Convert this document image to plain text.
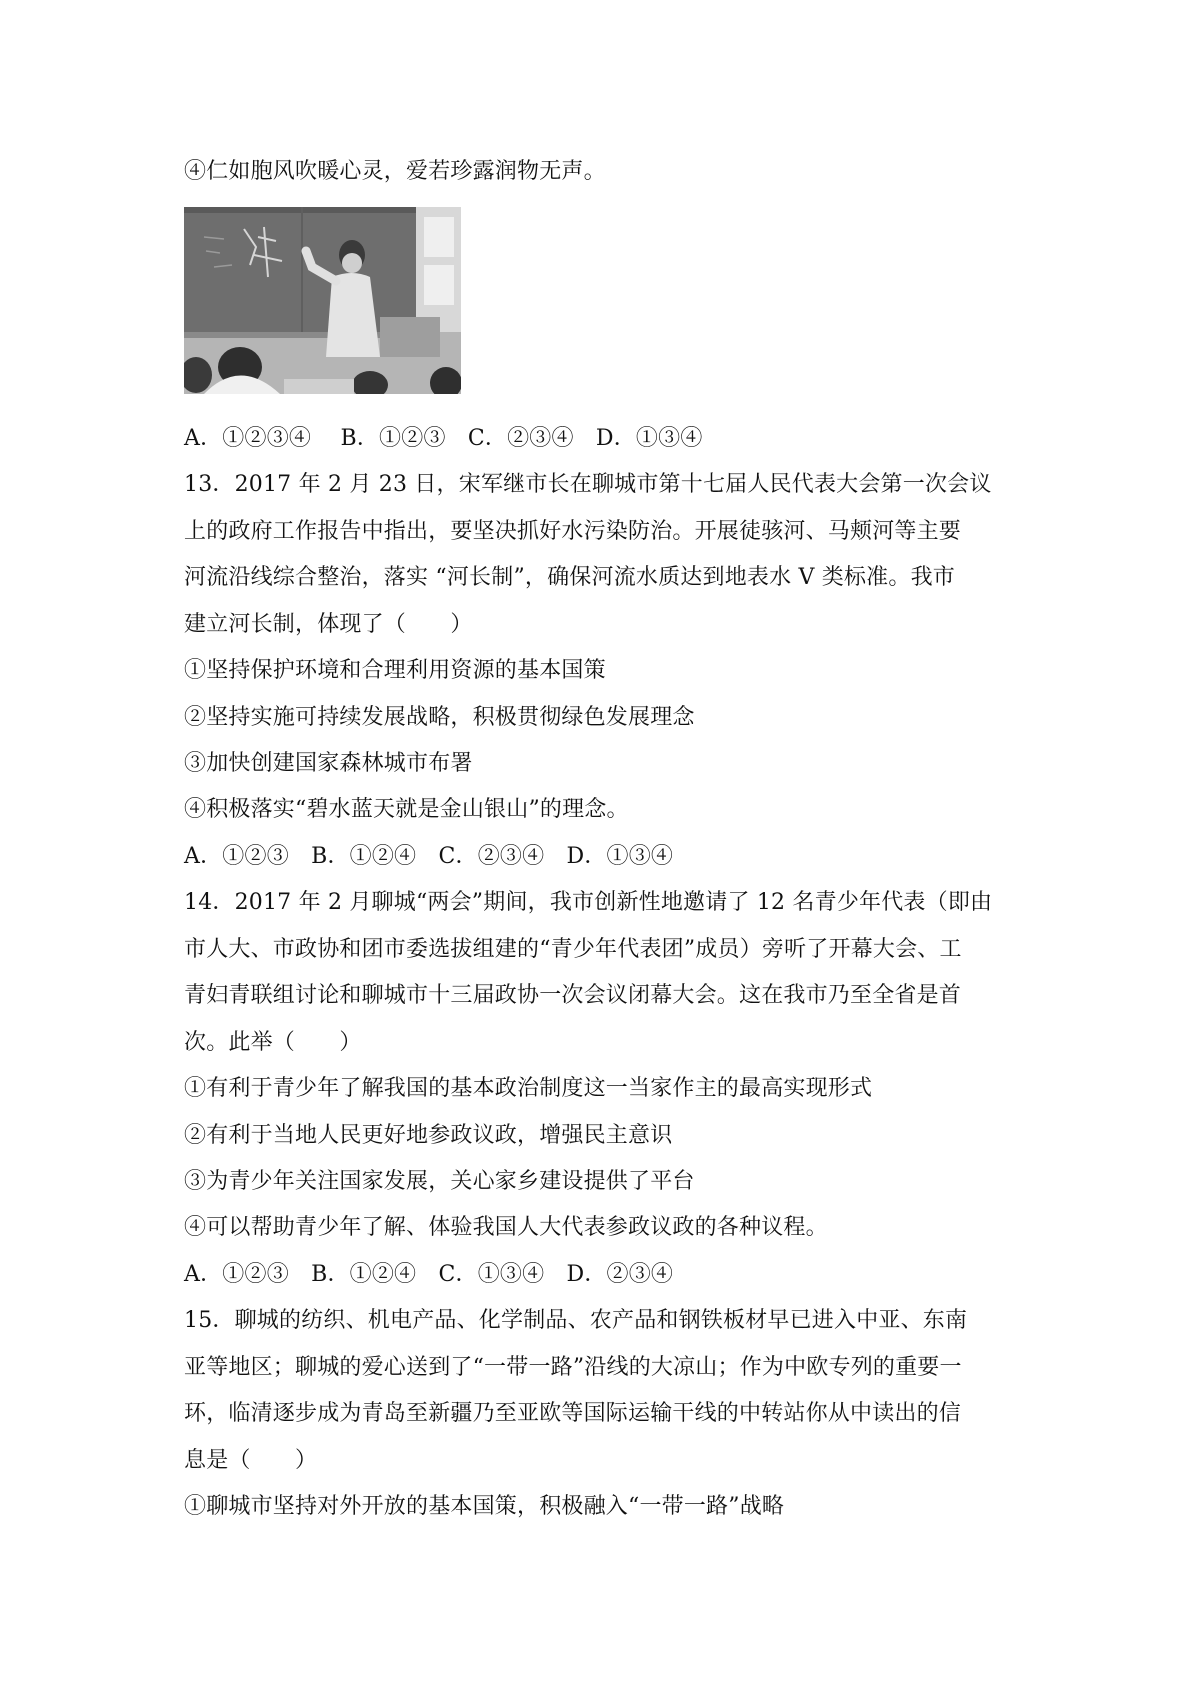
④仁如胞风吹暖心灵，爱若珍露润物无声。
A．①②③④　 B．①②③　C．②③④　D．①③④
13．2017 年 2 月 23 日，宋军继市长在聊城市第十七届人民代表大会第一次会议
上的政府工作报告中指出，要坚决抓好水污染防治。开展徒骇河、马颊河等主要
河流沿线综合整治，落实 “河长制”，确保河流水质达到地表水 V 类标准。我市
建立河长制，体现了（　　）
①坚持保护环境和合理利用资源的基本国策
②坚持实施可持续发展战略，积极贯彻绿色发展理念
③加快创建国家森林城市布署
④积极落实“碧水蓝天就是金山银山”的理念。
A．①②③　B．①②④　C．②③④　D．①③④
14．2017 年 2 月聊城“两会”期间，我市创新性地邀请了 12 名青少年代表（即由
市人大、市政协和团市委选拔组建的“青少年代表团”成员）旁听了开幕大会、工
青妇青联组讨论和聊城市十三届政协一次会议闭幕大会。这在我市乃至全省是首
次。此举（　　）
①有利于青少年了解我国的基本政治制度这一当家作主的最高实现形式
②有利于当地人民更好地参政议政，增强民主意识
③为青少年关注国家发展，关心家乡建设提供了平台
④可以帮助青少年了解、体验我国人大代表参政议政的各种议程。
A．①②③　B．①②④　C．①③④　D．②③④
15．聊城的纺织、机电产品、化学制品、农产品和钢铁板材早已进入中亚、东南
亚等地区；聊城的爱心送到了“一带一路”沿线的大凉山；作为中欧专列的重要一
环，临清逐步成为青岛至新疆乃至亚欧等国际运输干线的中转站你从中读出的信
息是（　　）
①聊城市坚持对外开放的基本国策，积极融入“一带一路”战略
